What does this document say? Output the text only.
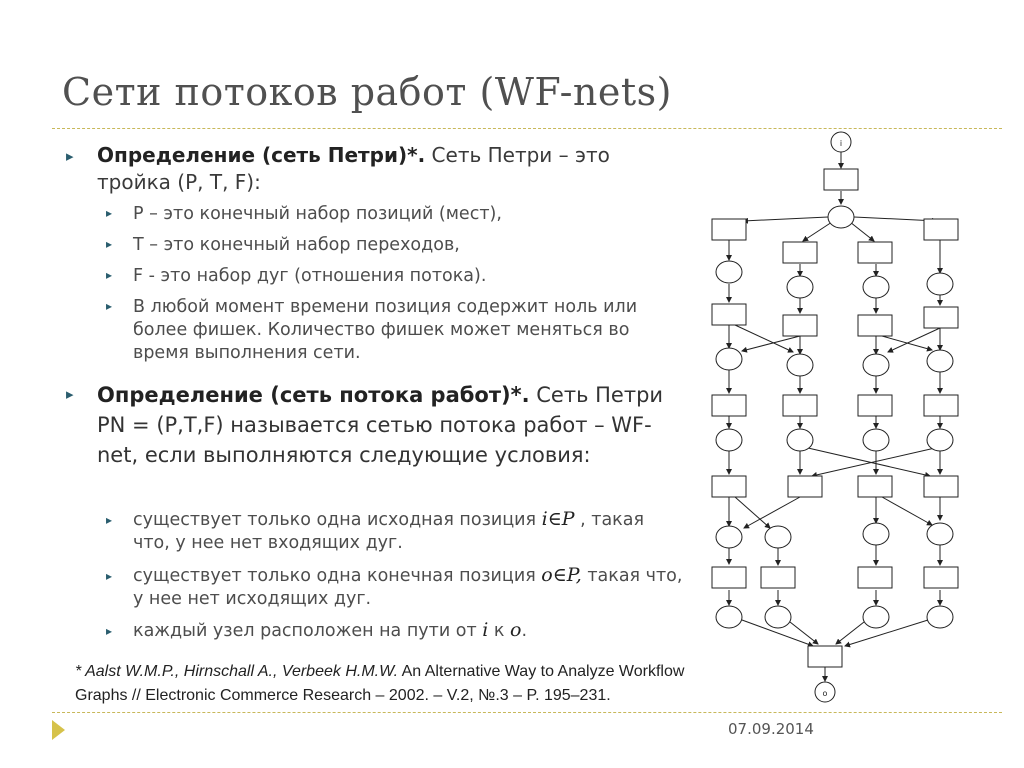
Сети потоков работ (WF-nets)
▸ Определение (сеть Петри)*. Сеть Петри – это тройка (P, T, F):
▸ P – это конечный набор позиций (мест),
▸ T – это конечный набор переходов,
▸ F - это набор дуг (отношения потока).
▸ В любой момент времени позиция содержит ноль или более фишек. Количество фишек может меняться во время выполнения сети.
▸ Определение (сеть потока работ)*. Сеть Петри PN = (P,T,F) называется сетью потока работ – WF-net, если выполняются следующие условия:
▸ существует только одна исходная позиция i∈P , такая что, у нее нет входящих дуг.
▸ существует только одна конечная позиция o∈P, такая что, у нее нет исходящих дуг.
▸ каждый узел расположен на пути от i к o.
* Aalst W.M.P., Hirnschall A., Verbeek H.M.W. An Alternative Way to Analyze Workflow Graphs // Electronic Commerce Research – 2002. – V.2, №.3 – P. 195–231.
07.09.2014
i
o
